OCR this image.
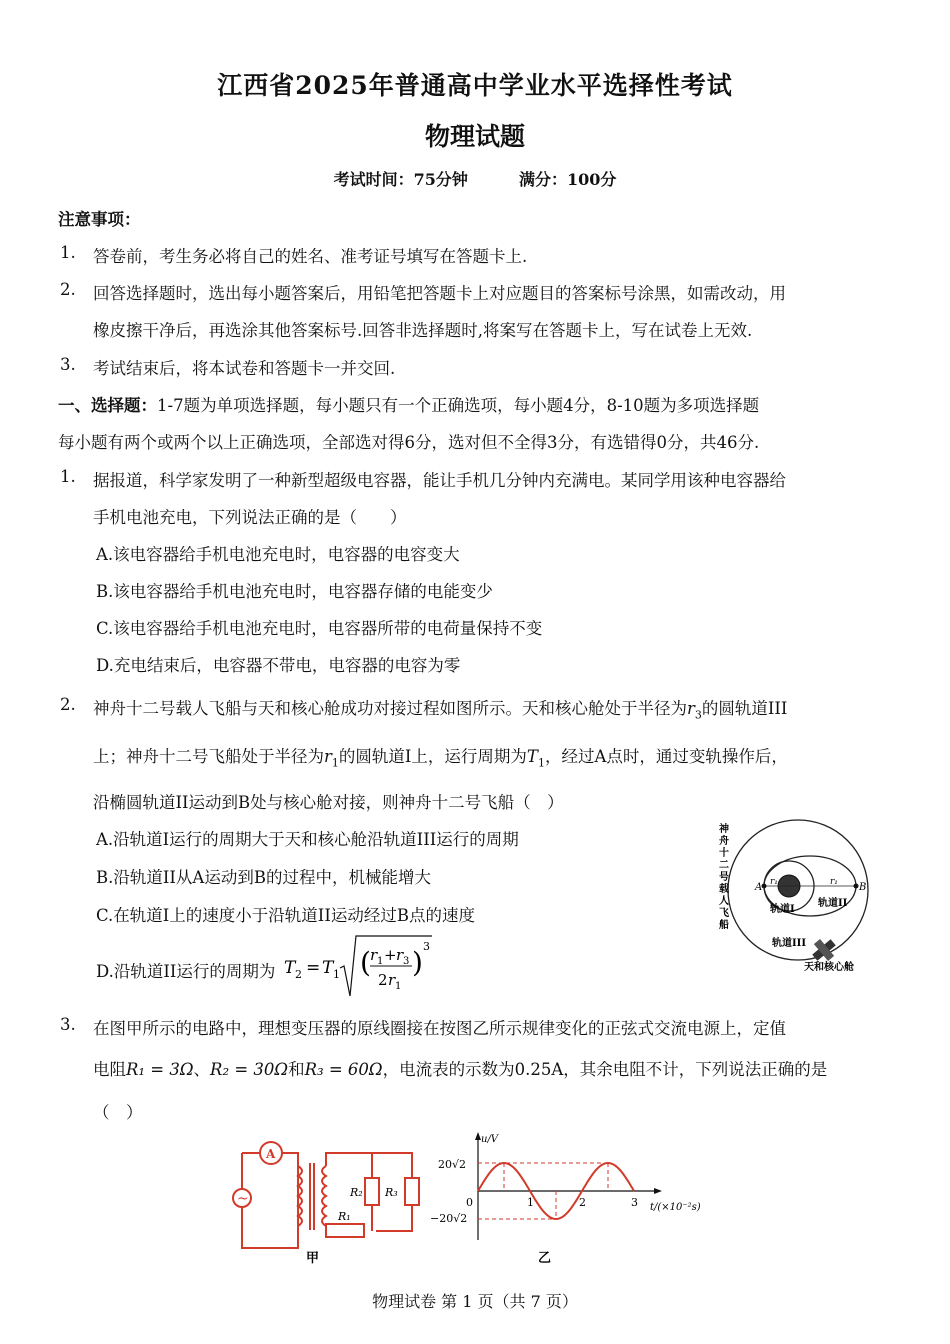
江西省2025年普通高中学业水平选择性考试
物理试题
考试时间：75分钟	满分：100分
注意事项：
1. 答卷前，考生务必将自己的姓名、准考证号填写在答题卡上.
2. 回答选择题时，选出每小题答案后，用铅笔把答题卡上对应题目的答案标号涂黑，如需改动，用
橡皮擦干净后，再选涂其他答案标号.回答非选择题时,将案写在答题卡上，写在试卷上无效.
3. 考试结束后，将本试卷和答题卡一并交回.
一、选择题：1-7题为单项选择题，每小题只有一个正确选项，每小题4分，8-10题为多项选择题
每小题有两个或两个以上正确选项，全部选对得6分，选对但不全得3分，有选错得0分，共46分.
1. 据报道，科学家发明了一种新型超级电容器，能让手机几分钟内充满电。某同学用该种电容器给
手机电池充电，下列说法正确的是（　　）
A.该电容器给手机电池充电时，电容器的电容变大
B.该电容器给手机电池充电时，电容器存储的电能变少
C.该电容器给手机电池充电时，电容器所带的电荷量保持不变
D.充电结束后，电容器不带电，电容器的电容为零
2. 神舟十二号载人飞船与天和核心舱成功对接过程如图所示。天和核心舱处于半径为$r_3$的圆轨道III
上；神舟十二号飞船处于半径为$r_1$的圆轨道I上，运行周期为$T_1$，经过A点时，通过变轨操作后，
沿椭圆轨道II运动到B处与核心舱对接，则神舟十二号飞船（　）
A.沿轨道I运行的周期大于天和核心舱沿轨道III运行的周期
B.沿轨道II从A运动到B的过程中，机械能增大
C.在轨道I上的速度小于沿轨道II运动经过B点的速度
D.沿轨道II运行的周期为 T 2 = T 1 ( r 1 + r 3
2 r 1
) 3
神舟十二号载人飞船
A	B
r₁	r₁
轨道I
轨道II
轨道III
天和核心舱
3. 在图甲所示的电路中，理想变压器的原线圈接在按图乙所示规律变化的正弦式交流电源上，定值
电阻R₁ = 3Ω、R₂ = 30Ω和R₃ = 60Ω，电流表的示数为0.25A，其余电阻不计，下列说法正确的是
（　）
A
~	R₂ R₃
R₁
甲
u/V
t/(×10⁻²s)
20√2
−20√2
0	1	2	3
乙
物理试卷 第 1 页（共 7 页）
